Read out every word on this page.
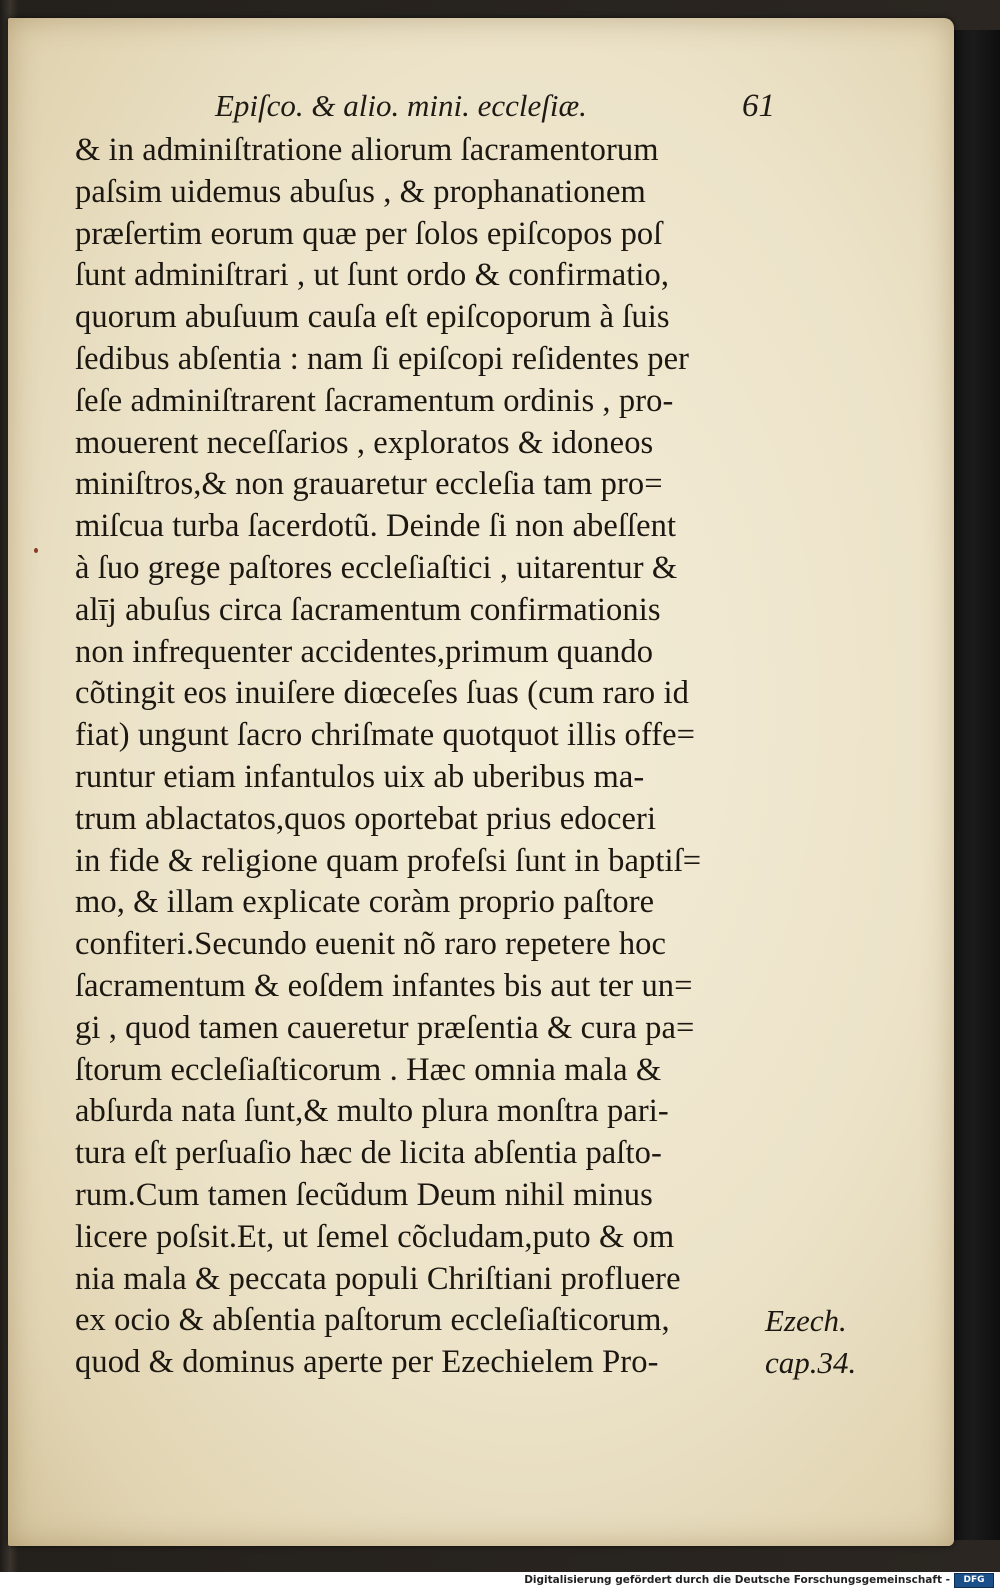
Epiſco. & alio. mini. eccleſiæ.	61
& in adminiſtratione aliorum ſacramentorum
paſsim uidemus abuſus , & prophanationem
præſertim eorum quæ per ſolos epiſcopos poſ
ſunt adminiſtrari , ut ſunt ordo & confirmatio,
quorum abuſuum cauſa eſt epiſcoporum à ſuis
ſedibus abſentia : nam ſi epiſcopi reſidentes per
ſeſe adminiſtrarent ſacramentum ordinis , pro-
mouerent neceſſarios , exploratos & idoneos
miniſtros,& non grauaretur eccleſia tam pro=
miſcua turba ſacerdotũ. Deinde ſi non abeſſent
à ſuo grege paſtores eccleſiaſtici , uitarentur &
alīj abuſus circa ſacramentum confirmationis
non infrequenter accidentes,primum quando
cõtingit eos inuiſere diœceſes ſuas (cum raro id
fiat) ungunt ſacro chriſmate quotquot illis offe=
runtur etiam infantulos uix ab uberibus ma-
trum ablactatos,quos oportebat prius edoceri
in fide & religione quam profeſsi ſunt in baptiſ=
mo, & illam explicate coràm proprio paſtore
confiteri.Secundo euenit nõ raro repetere hoc
ſacramentum & eoſdem infantes bis aut ter un=
gi , quod tamen caueretur præſentia & cura pa=
ſtorum eccleſiaſticorum . Hæc omnia mala &
abſurda nata ſunt,& multo plura monſtra pari-
tura eſt perſuaſio hæc de licita abſentia paſto-
rum.Cum tamen ſecũdum Deum nihil minus
licere poſsit.Et, ut ſemel cõcludam,puto & om
nia mala & peccata populi Chriſtiani profluere
ex ocio & abſentia paſtorum eccleſiaſticorum,
quod & dominus aperte per Ezechielem Pro-
Ezech.
cap.34.
Digitalisierung gefördert durch die Deutsche Forschungsgemeinschaft -	DFG
